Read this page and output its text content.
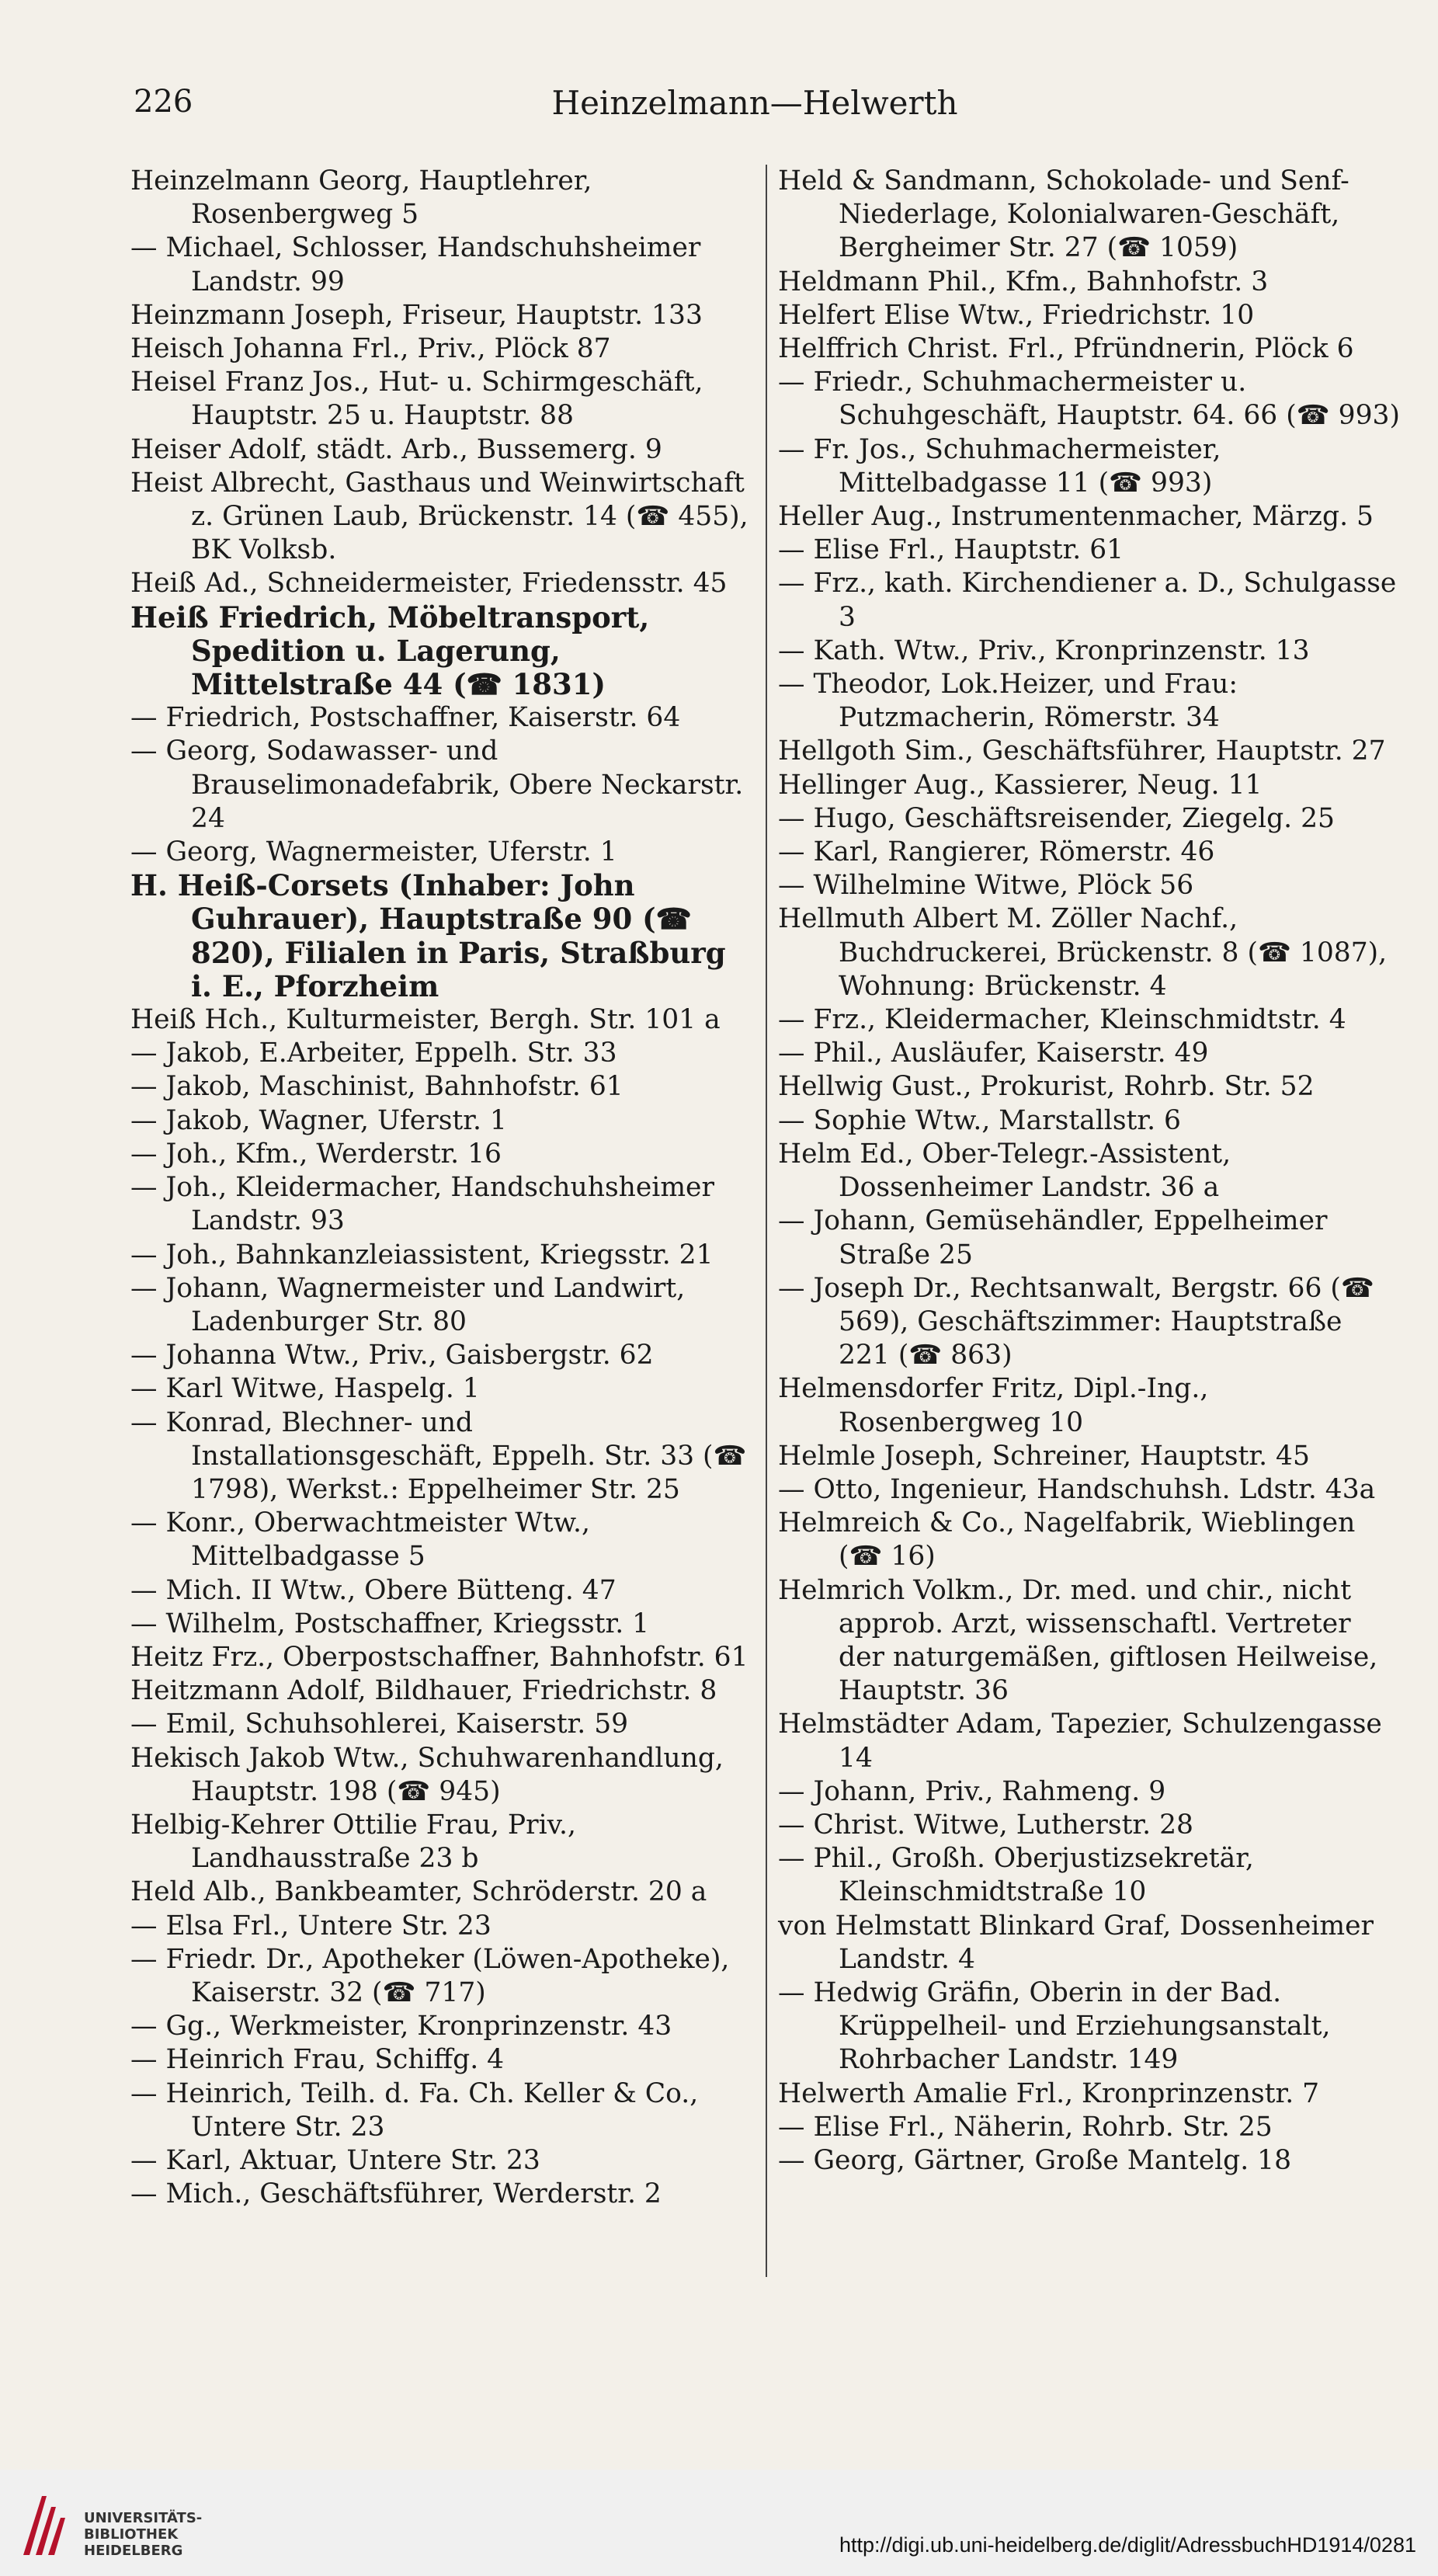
226	Heinzelmann—Helwerth

Heinzelmann Georg, Hauptlehrer, Rosenbergweg 5

— Michael, Schlosser, Handschuhsheimer Landstr. 99

Heinzmann Joseph, Friseur, Hauptstr. 133

Heisch Johanna Frl., Priv., Plöck 87

Heisel Franz Jos., Hut- u. Schirmgeschäft, Hauptstr. 25 u. Hauptstr. 88

Heiser Adolf, städt. Arb., Bussemerg. 9

Heist Albrecht, Gasthaus und Weinwirtschaft z. Grünen Laub, Brückenstr. 14 (☎ 455), BK Volksb.

Heiß Ad., Schneidermeister, Friedensstr. 45

Heiß Friedrich, Möbeltransport, Spedition u. Lagerung, Mittelstraße 44 (☎ 1831)

— Friedrich, Postschaffner, Kaiserstr. 64

— Georg, Sodawasser- und Brauselimonadefabrik, Obere Neckarstr. 24

— Georg, Wagnermeister, Uferstr. 1

H. Heiß-Corsets (Inhaber: John Guhrauer), Hauptstraße 90 (☎ 820), Filialen in Paris, Straßburg i. E., Pforzheim

Heiß Hch., Kulturmeister, Bergh. Str. 101 a

— Jakob, E.Arbeiter, Eppelh. Str. 33

— Jakob, Maschinist, Bahnhofstr. 61

— Jakob, Wagner, Uferstr. 1

— Joh., Kfm., Werderstr. 16

— Joh., Kleidermacher, Handschuhsheimer Landstr. 93

— Joh., Bahnkanzleiassistent, Kriegsstr. 21

— Johann, Wagnermeister und Landwirt, Ladenburger Str. 80

— Johanna Wtw., Priv., Gaisbergstr. 62

— Karl Witwe, Haspelg. 1

— Konrad, Blechner- und Installationsgeschäft, Eppelh. Str. 33 (☎ 1798), Werkst.: Eppelheimer Str. 25

— Konr., Oberwachtmeister Wtw., Mittelbadgasse 5

— Mich. II Wtw., Obere Bütteng. 47

— Wilhelm, Postschaffner, Kriegsstr. 1

Heitz Frz., Oberpostschaffner, Bahnhofstr. 61

Heitzmann Adolf, Bildhauer, Friedrichstr. 8

— Emil, Schuhsohlerei, Kaiserstr. 59

Hekisch Jakob Wtw., Schuhwarenhandlung, Hauptstr. 198 (☎ 945)

Helbig-Kehrer Ottilie Frau, Priv., Landhausstraße 23 b

Held Alb., Bankbeamter, Schröderstr. 20 a

— Elsa Frl., Untere Str. 23

— Friedr. Dr., Apotheker (Löwen-Apotheke), Kaiserstr. 32 (☎ 717)

— Gg., Werkmeister, Kronprinzenstr. 43

— Heinrich Frau, Schiffg. 4

— Heinrich, Teilh. d. Fa. Ch. Keller & Co., Untere Str. 23

— Karl, Aktuar, Untere Str. 23

— Mich., Geschäftsführer, Werderstr. 2

Held & Sandmann, Schokolade- und Senf-Niederlage, Kolonialwaren-Geschäft, Bergheimer Str. 27 (☎ 1059)

Heldmann Phil., Kfm., Bahnhofstr. 3

Helfert Elise Wtw., Friedrichstr. 10

Helffrich Christ. Frl., Pfründnerin, Plöck 6

— Friedr., Schuhmachermeister u. Schuhgeschäft, Hauptstr. 64. 66 (☎ 993)

— Fr. Jos., Schuhmachermeister, Mittelbadgasse 11 (☎ 993)

Heller Aug., Instrumentenmacher, Märzg. 5

— Elise Frl., Hauptstr. 61

— Frz., kath. Kirchendiener a. D., Schulgasse 3

— Kath. Wtw., Priv., Kronprinzenstr. 13

— Theodor, Lok.Heizer, und Frau: Putzmacherin, Römerstr. 34

Hellgoth Sim., Geschäftsführer, Hauptstr. 27

Hellinger Aug., Kassierer, Neug. 11

— Hugo, Geschäftsreisender, Ziegelg. 25

— Karl, Rangierer, Römerstr. 46

— Wilhelmine Witwe, Plöck 56

Hellmuth Albert M. Zöller Nachf., Buchdruckerei, Brückenstr. 8 (☎ 1087), Wohnung: Brückenstr. 4

— Frz., Kleidermacher, Kleinschmidtstr. 4

— Phil., Ausläufer, Kaiserstr. 49

Hellwig Gust., Prokurist, Rohrb. Str. 52

— Sophie Wtw., Marstallstr. 6

Helm Ed., Ober-Telegr.-Assistent, Dossenheimer Landstr. 36 a

— Johann, Gemüsehändler, Eppelheimer Straße 25

— Joseph Dr., Rechtsanwalt, Bergstr. 66 (☎ 569), Geschäftszimmer: Hauptstraße 221 (☎ 863)

Helmensdorfer Fritz, Dipl.-Ing., Rosenbergweg 10

Helmle Joseph, Schreiner, Hauptstr. 45

— Otto, Ingenieur, Handschuhsh. Ldstr. 43a

Helmreich & Co., Nagelfabrik, Wieblingen (☎ 16)

Helmrich Volkm., Dr. med. und chir., nicht approb. Arzt, wissenschaftl. Vertreter der naturgemäßen, giftlosen Heilweise, Hauptstr. 36

Helmstädter Adam, Tapezier, Schulzengasse 14

— Johann, Priv., Rahmeng. 9

— Christ. Witwe, Lutherstr. 28

— Phil., Großh. Oberjustizsekretär, Kleinschmidtstraße 10

von Helmstatt Blinkard Graf, Dossenheimer Landstr. 4

— Hedwig Gräfin, Oberin in der Bad. Krüppelheil- und Erziehungsanstalt, Rohrbacher Landstr. 149

Helwerth Amalie Frl., Kronprinzenstr. 7

— Elise Frl., Näherin, Rohrb. Str. 25

— Georg, Gärtner, Große Mantelg. 18

UNIVERSITÄTS-
BIBLIOTHEK
HEIDELBERG	http://digi.ub.uni-heidelberg.de/diglit/AdressbuchHD1914/0281
